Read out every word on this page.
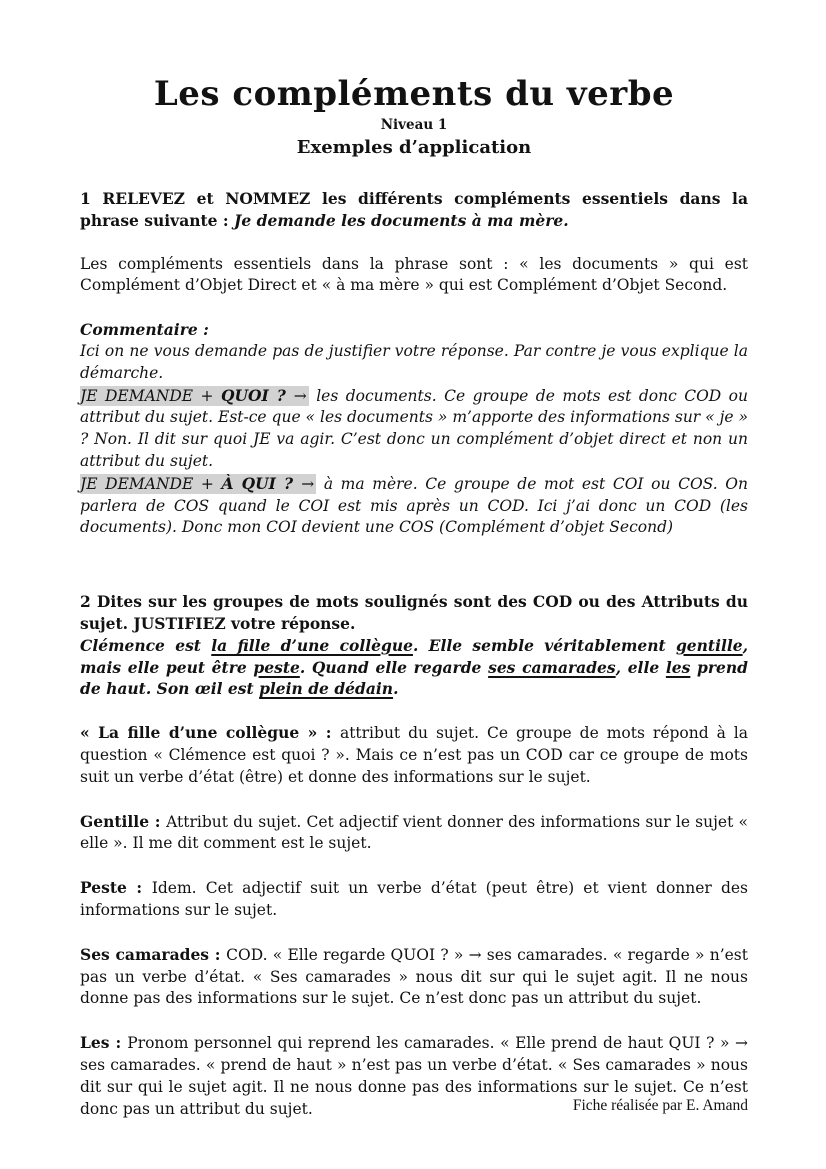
Les compléments du verbe
Niveau 1
Exemples d’application

1 RELEVEZ et NOMMEZ les différents compléments essentiels dans la phrase suivante : Je demande les documents à ma mère.

Les compléments essentiels dans la phrase sont : « les documents » qui est Complément d’Objet Direct et « à ma mère » qui est Complément d’Objet Second.

Commentaire :

Ici on ne vous demande pas de justifier votre réponse. Par contre je vous explique la démarche.

JE DEMANDE + QUOI ? → les documents. Ce groupe de mots est donc COD ou attribut du sujet. Est-ce que « les documents » m’apporte des informations sur « je » ? Non. Il dit sur quoi JE va agir. C’est donc un complément d’objet direct et non un attribut du sujet.

JE DEMANDE + À QUI ? → à ma mère. Ce groupe de mot est COI ou COS. On parlera de COS quand le COI est mis après un COD. Ici j’ai donc un COD (les documents). Donc mon COI devient une COS (Complément d’objet Second)

2 Dites sur les groupes de mots soulignés sont des COD ou des Attributs du sujet. JUSTIFIEZ votre réponse.

Clémence est la fille d’une collègue. Elle semble véritablement gentille, mais elle peut être peste. Quand elle regarde ses camarades, elle les prend de haut. Son œil est plein de dédain.

« La fille d’une collègue » : attribut du sujet. Ce groupe de mots répond à la question « Clémence est quoi ? ». Mais ce n’est pas un COD car ce groupe de mots suit un verbe d’état (être) et donne des informations sur le sujet.

Gentille : Attribut du sujet. Cet adjectif vient donner des informations sur le sujet « elle ». Il me dit comment est le sujet.

Peste : Idem. Cet adjectif suit un verbe d’état (peut être) et vient donner des informations sur le sujet.

Ses camarades : COD. « Elle regarde QUOI ? » → ses camarades. « regarde » n’est pas un verbe d’état. « Ses camarades » nous dit sur qui le sujet agit. Il ne nous donne pas des informations sur le sujet. Ce n’est donc pas un attribut du sujet.

Les : Pronom personnel qui reprend les camarades. « Elle prend de haut QUI ? » → ses camarades. « prend de haut » n’est pas un verbe d’état. « Ses camarades » nous dit sur qui le sujet agit. Il ne nous donne pas des informations sur le sujet. Ce n’est donc pas un attribut du sujet.	Fiche réalisée par E. Amand
